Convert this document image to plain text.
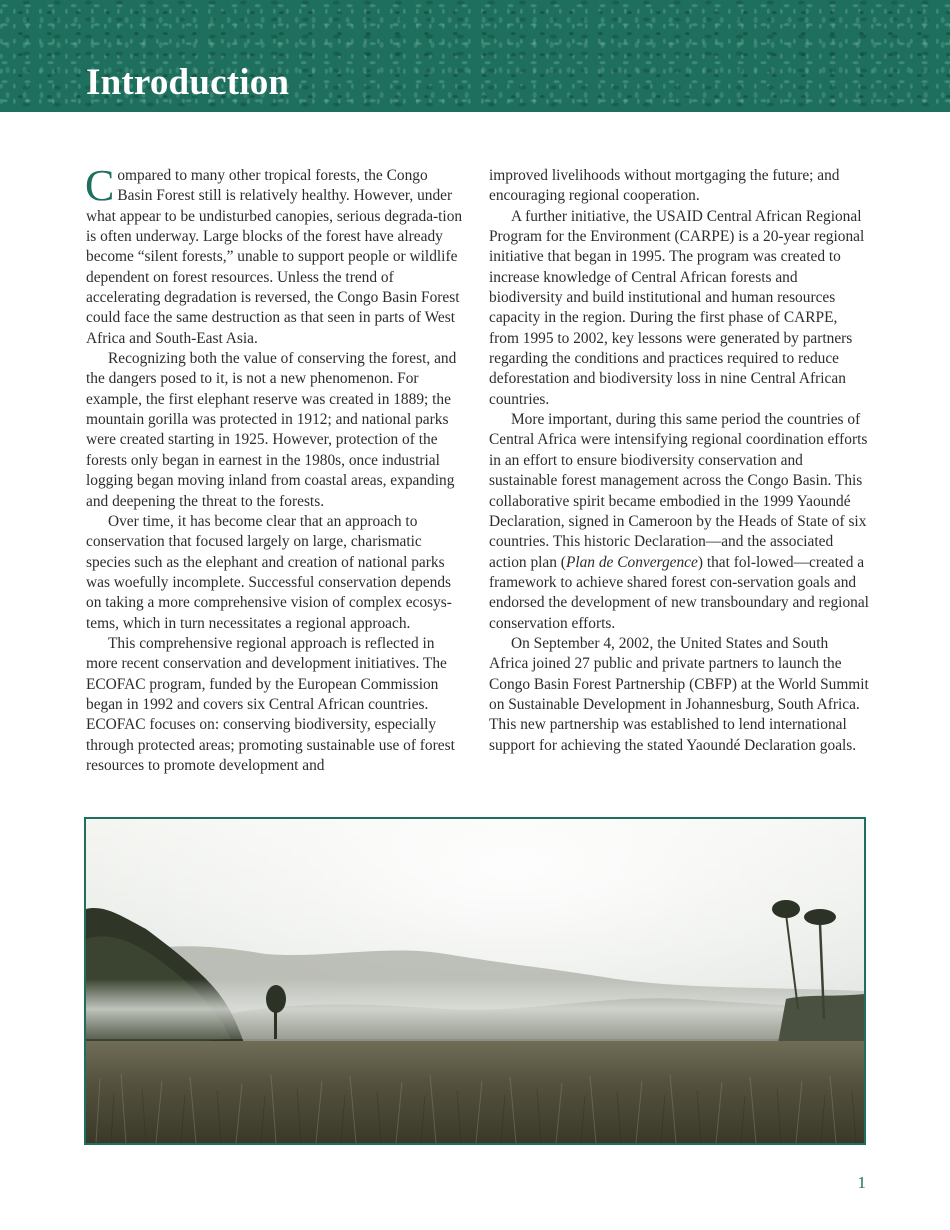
Introduction

Compared to many other tropical forests, the Congo Basin Forest still is relatively healthy. However, under what appear to be undisturbed canopies, serious degrada-tion is often underway. Large blocks of the forest have already become “silent forests,” unable to support people or wildlife dependent on forest resources. Unless the trend of accelerating degradation is reversed, the Congo Basin Forest could face the same destruction as that seen in parts of West Africa and South-East Asia.

Recognizing both the value of conserving the forest, and the dangers posed to it, is not a new phenomenon. For example, the first elephant reserve was created in 1889; the mountain gorilla was protected in 1912; and national parks were created starting in 1925. However, protection of the forests only began in earnest in the 1980s, once industrial logging began moving inland from coastal areas, expanding and deepening the threat to the forests.

Over time, it has become clear that an approach to conservation that focused largely on large, charismatic species such as the elephant and creation of national parks was woefully incomplete. Successful conservation depends on taking a more comprehensive vision of complex ecosys-tems, which in turn necessitates a regional approach.

This comprehensive regional approach is reflected in more recent conservation and development initiatives. The ECOFAC program, funded by the European Commission began in 1992 and covers six Central African countries. ECOFAC focuses on: conserving biodiversity, especially through protected areas; promoting sustainable use of forest resources to promote development and

improved livelihoods without mortgaging the future; and encouraging regional cooperation.

A further initiative, the USAID Central African Regional Program for the Environment (CARPE) is a 20-year regional initiative that began in 1995. The program was created to increase knowledge of Central African forests and biodiversity and build institutional and human resources capacity in the region. During the first phase of CARPE, from 1995 to 2002, key lessons were generated by partners regarding the conditions and practices required to reduce deforestation and biodiversity loss in nine Central African countries.

More important, during this same period the countries of Central Africa were intensifying regional coordination efforts in an effort to ensure biodiversity conservation and sustainable forest management across the Congo Basin. This collaborative spirit became embodied in the 1999 Yaoundé Declaration, signed in Cameroon by the Heads of State of six countries. This historic Declaration—and the associated action plan (Plan de Convergence) that fol-lowed—created a framework to achieve shared forest con-servation goals and endorsed the development of new transboundary and regional conservation efforts.

On September 4, 2002, the United States and South Africa joined 27 public and private partners to launch the Congo Basin Forest Partnership (CBFP) at the World Summit on Sustainable Development in Johannesburg, South Africa. This new partnership was established to lend international support for achieving the stated Yaoundé Declaration goals.

1
